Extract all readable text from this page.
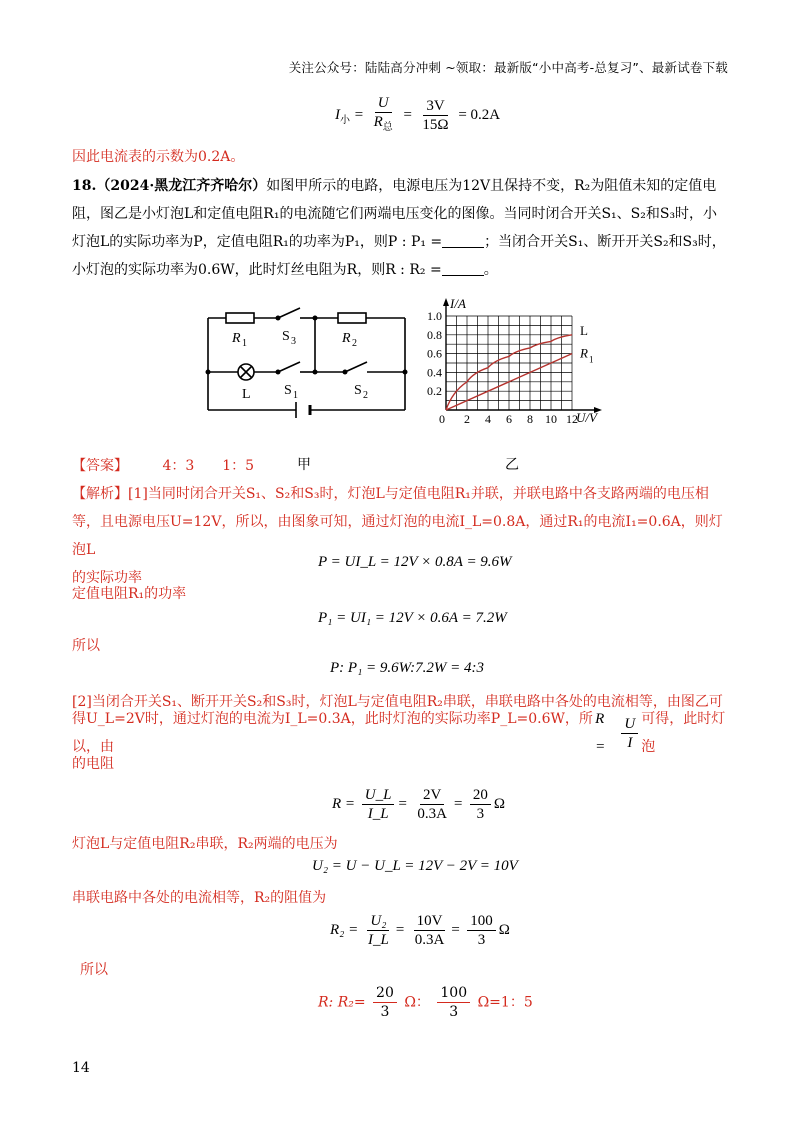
关注公众号：陆陆高分冲刺 ~领取：最新版“小中高考-总复习”、最新试卷下载
$I_小 = \frac{U}{R_总} = \frac{3V}{15\Omega} = 0.2A$
因此电流表的示数为0.2A。
18.（2024·黑龙江齐齐哈尔）如图甲所示的电路，电源电压为12V且保持不变，R₂为阻值未知的定值电
阻，图乙是小灯泡L和定值电阻R₁的电流随它们两端电压变化的图像。当同时闭合开关S₁、S₂和S₃时，小
灯泡L的实际功率为P，定值电阻R₁的功率为P₁，则P : P₁ =	；当闭合开关S₁、断开开关S₂和S₃时，
小灯泡的实际功率为0.6W，此时灯丝电阻为R，则R : R₂ =	。
R 1	R 2
S 3
S 1	S 2
L
甲
U/V
I/A
0 2 4 6 8 10 12
0.2
0.4
0.6
0.8
1.0
L
R 1
乙
【答案】 4：3　　1：5
【解析】[1]当同时闭合开关S₁、S₂和S₃时，灯泡L与定值电阻R₁并联，并联电路中各支路两端的电压相
等，且电源电压U=12V，所以，由图象可知，通过灯泡的电流I_L=0.8A，通过R₁的电流I₁=0.6A，则灯泡L
的实际功率
P = UI_L = 12V × 0.8A = 9.6W
定值电阻R₁的功率
P₁ = UI₁ = 12V × 0.6A = 7.2W
所以
P: P₁ = 9.6W:7.2W = 4:3
[2]当闭合开关S₁、断开开关S₂和S₃时，灯泡L与定值电阻R₂串联，串联电路中各处的电流相等，由图乙可
得U_L=2V时，通过灯泡的电流为I_L=0.3A，此时灯泡的实际功率P_L=0.6W，所以，由
R =	$\frac{U}{I}$ 可得，此时灯泡
的电阻
$R = \frac{U\_L}{I\_L} = \frac{2V}{0.3A} = \frac{20}{3}$ Ω
灯泡L与定值电阻R₂串联，R₂两端的电压为
U₂ = U − U_L = 12V − 2V = 10V
串联电路中各处的电流相等，R₂的阻值为
$R_2 = \frac{\text{U₂}}{I\_L} = \frac{10V}{0.3A} = \frac{100}{3}$ Ω
所以
R: $R_2= \frac{20}{3}$ Ω： $\frac{100}{3} \Omega=1$：5
14
